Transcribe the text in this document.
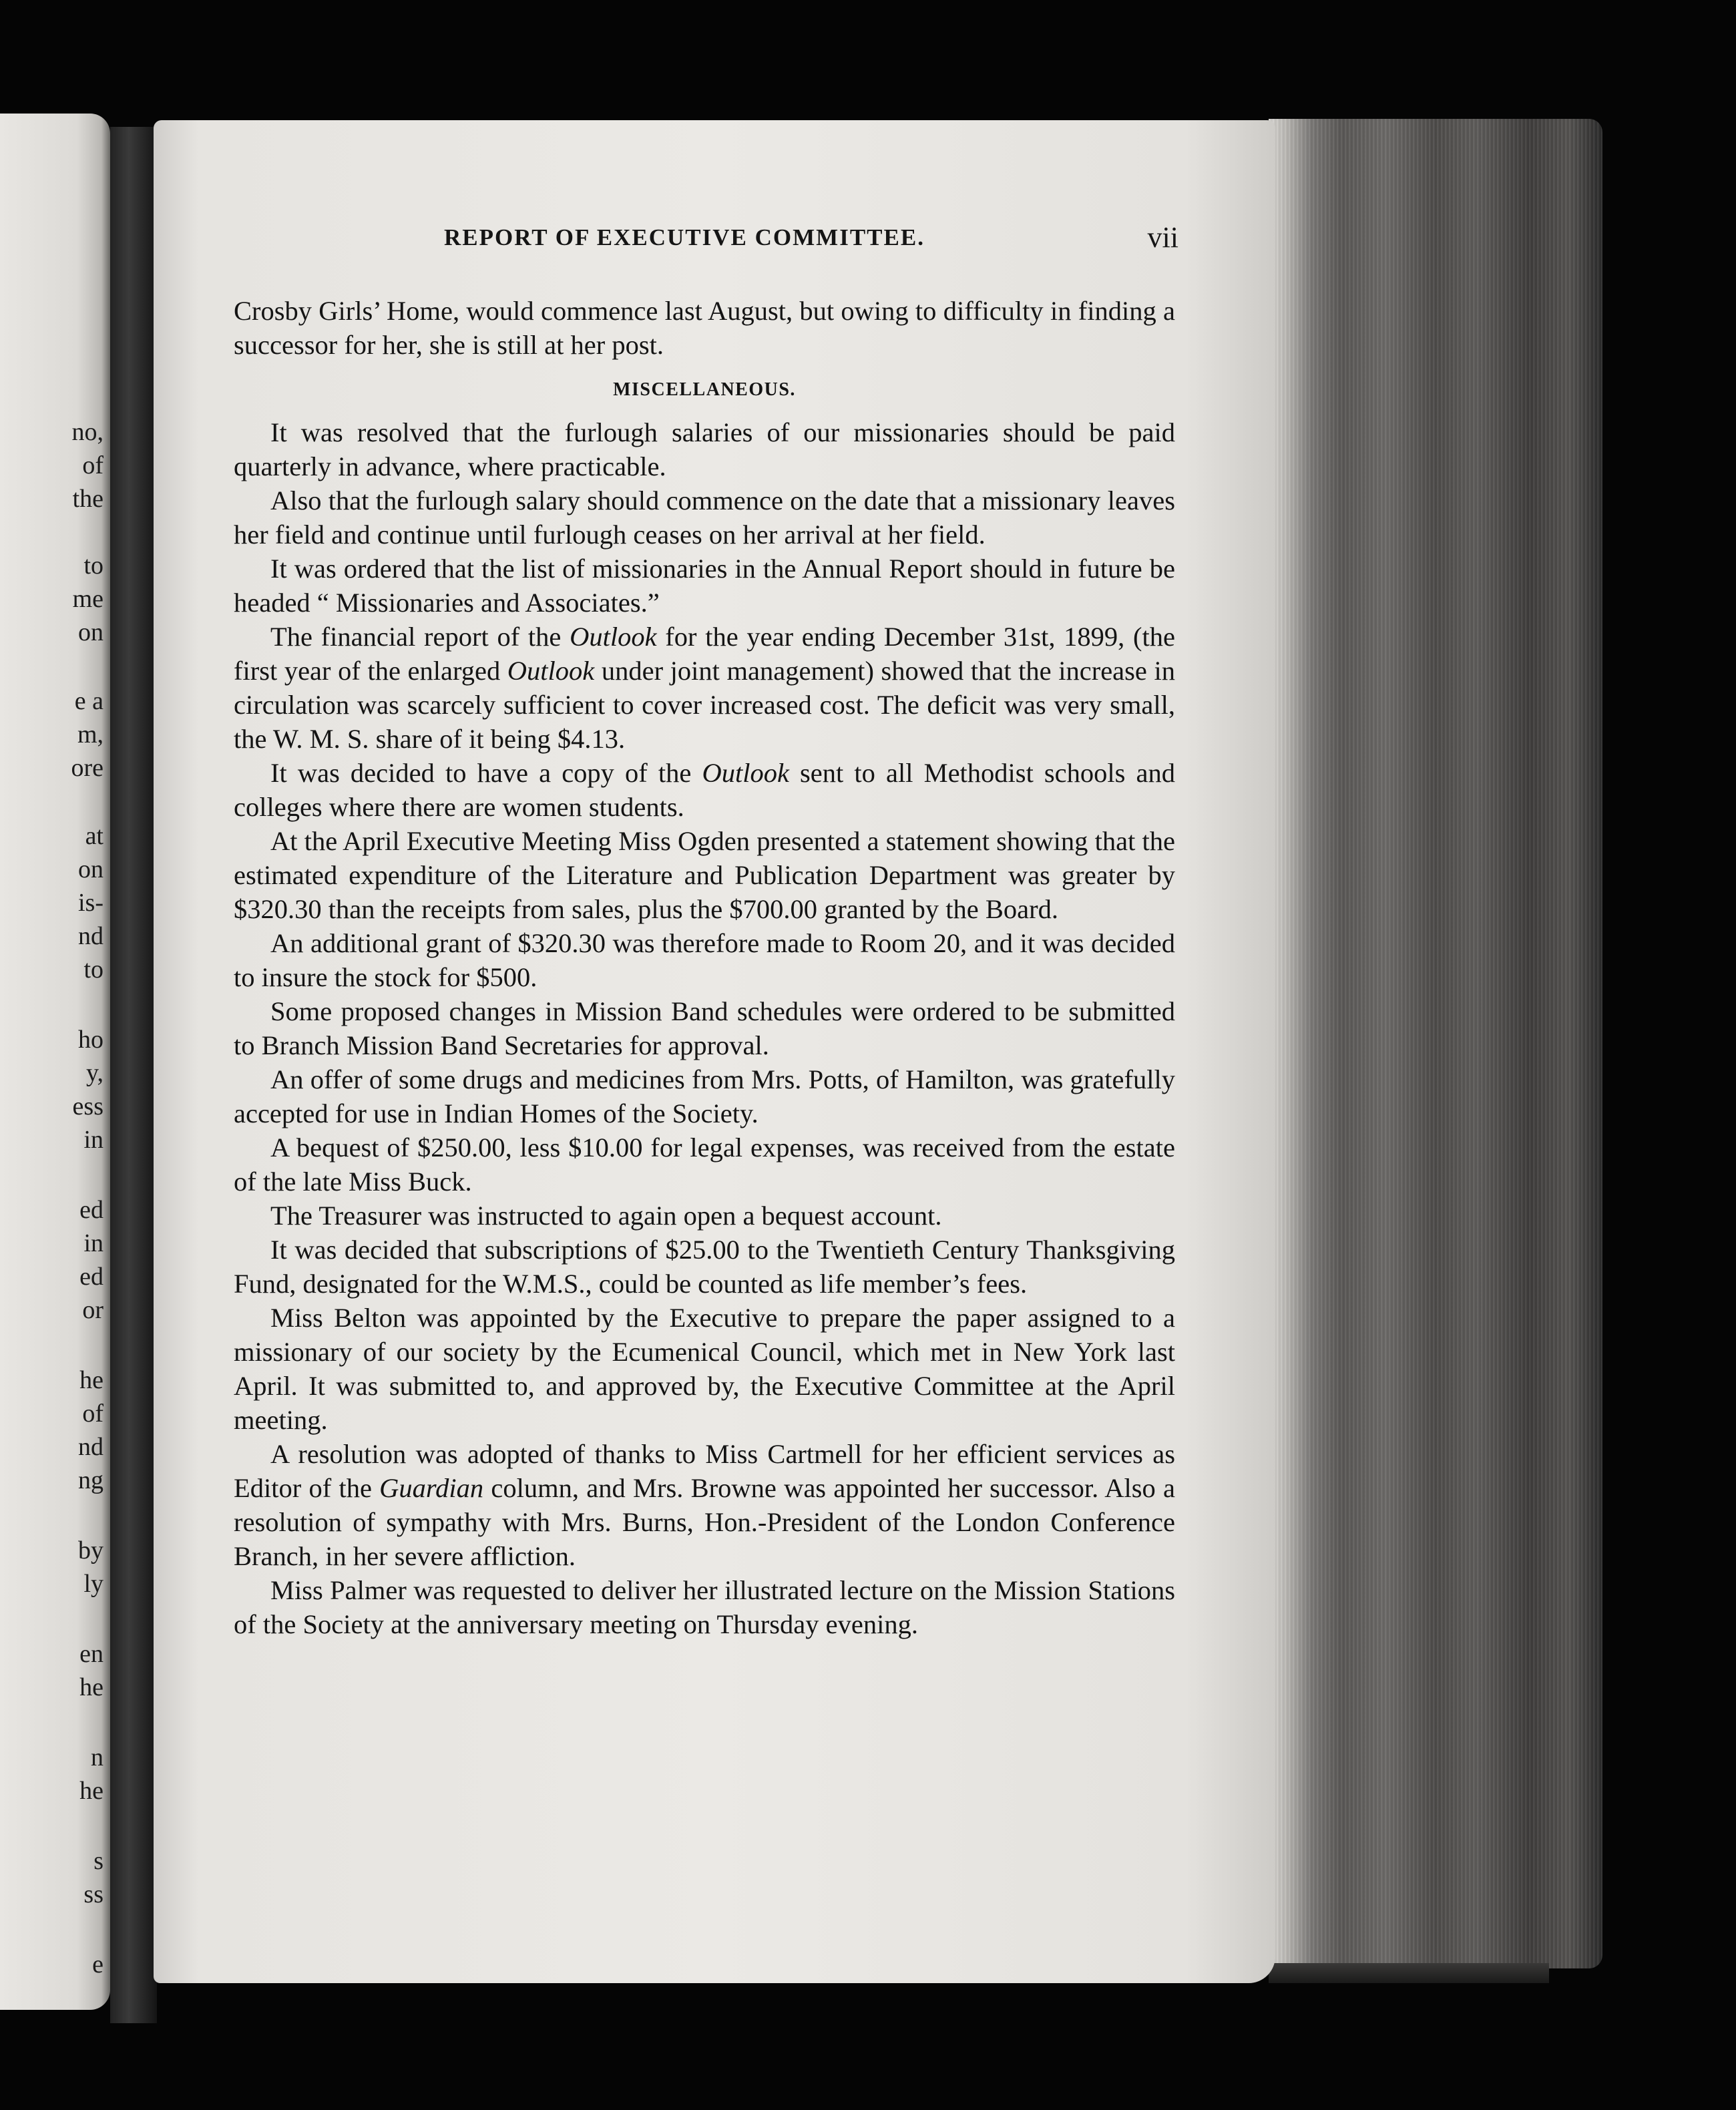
no,
of
the
to
me
on
e a
m,
ore
at
on
is-
nd
to
ho
y,
ess
in
ed
in
ed
or
he
of
nd
ng
by
ly
en
he
n
he
s
ss
e
REPORT OF EXECUTIVE COMMITTEE.	vii

Crosby Girls’ Home, would commence last August, but owing to difficulty in finding a successor for her, she is still at her post.

MISCELLANEOUS.

It was resolved that the furlough salaries of our missionaries should be paid quarterly in advance, where practicable.

Also that the furlough salary should commence on the date that a missionary leaves her field and continue until furlough ceases on her arrival at her field.

It was ordered that the list of missionaries in the Annual Report should in future be headed “ Missionaries and Associates.”

The financial report of the Outlook for the year ending December 31st, 1899, (the first year of the enlarged Outlook under joint management) showed that the increase in circulation was scarcely sufficient to cover increased cost. The deficit was very small, the W. M. S. share of it being $4.13.

It was decided to have a copy of the Outlook sent to all Methodist schools and colleges where there are women students.

At the April Executive Meeting Miss Ogden presented a statement showing that the estimated expenditure of the Literature and Publication Department was greater by $320.30 than the receipts from sales, plus the $700.00 granted by the Board.

An additional grant of $320.30 was therefore made to Room 20, and it was decided to insure the stock for $500.

Some proposed changes in Mission Band schedules were ordered to be submitted to Branch Mission Band Secretaries for approval.

An offer of some drugs and medicines from Mrs. Potts, of Hamilton, was gratefully accepted for use in Indian Homes of the Society.

A bequest of $250.00, less $10.00 for legal expenses, was received from the estate of the late Miss Buck.

The Treasurer was instructed to again open a bequest account.

It was decided that subscriptions of $25.00 to the Twentieth Century Thanksgiving Fund, designated for the W.M.S., could be counted as life member’s fees.

Miss Belton was appointed by the Executive to prepare the paper assigned to a missionary of our society by the Ecumenical Council, which met in New York last April. It was submitted to, and approved by, the Executive Committee at the April meeting.

A resolution was adopted of thanks to Miss Cartmell for her efficient services as Editor of the Guardian column, and Mrs. Browne was appointed her successor. Also a resolution of sympathy with Mrs. Burns, Hon.-President of the London Conference Branch, in her severe affliction.

Miss Palmer was requested to deliver her illustrated lecture on the Mission Stations of the Society at the anniversary meeting on Thursday evening.
